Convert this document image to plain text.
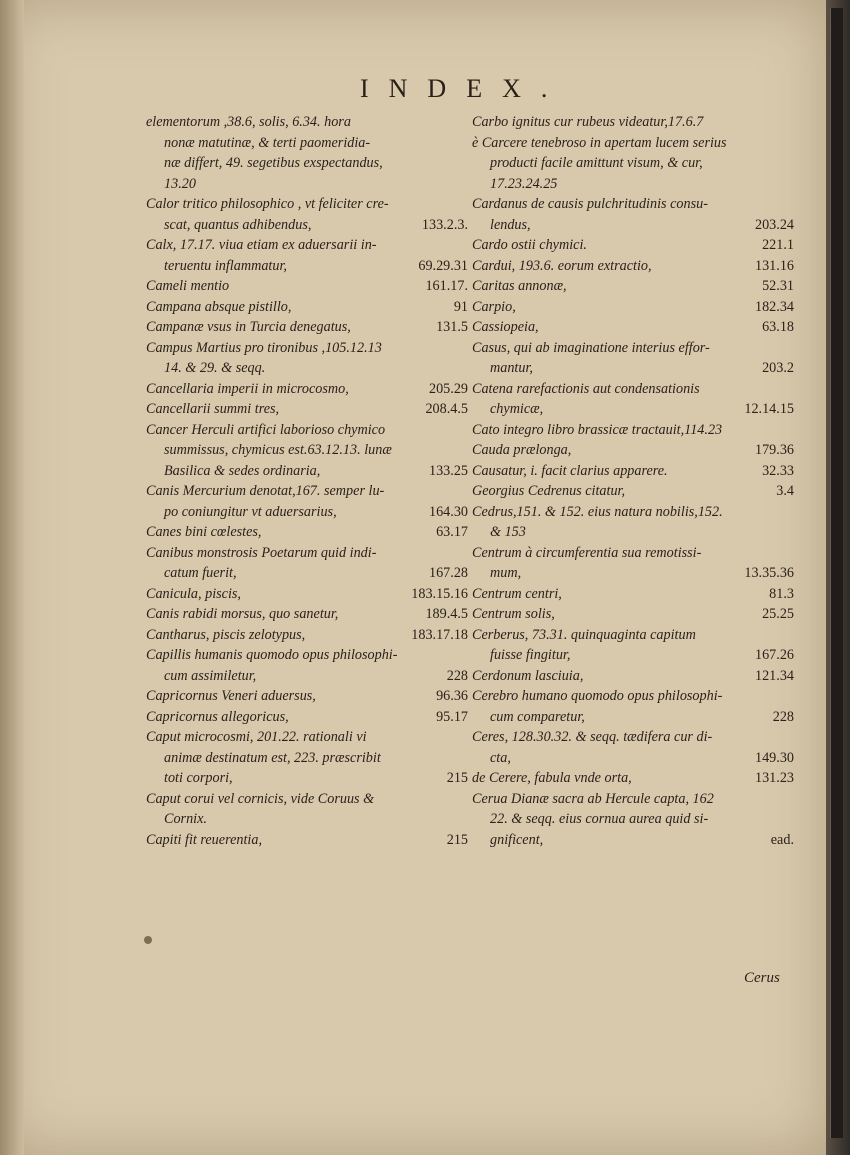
INDEX.
elementorum ,38.6, solis, 6.34. hora
nonæ matutinæ, & terti paomeridia-
næ differt, 49. segetibus exspectandus,
13.20
Calor tritico philosophico , vt feliciter cre-
scat, quantus adhibendus,	133.2.3.
Calx, 17.17. viua etiam ex aduersarii in-
teruentu inflammatur,	69.29.31
Cameli mentio	161.17.
Campana absque pistillo,	91
Campanæ vsus in Turcia denegatus,	131.5
Campus Martius pro tironibus ,105.12.13
14. & 29. & seqq.
Cancellaria imperii in microcosmo,	205.29
Cancellarii summi tres,	208.4.5
Cancer Herculi artifici laborioso chymico
summissus, chymicus est.63.12.13. lunæ
Basilica & sedes ordinaria,	133.25
Canis Mercurium denotat,167. semper lu-
po coniungitur vt aduersarius,	164.30
Canes bini cœlestes,	63.17
Canibus monstrosis Poetarum quid indi-
catum fuerit,	167.28
Canicula, piscis,	183.15.16
Canis rabidi morsus, quo sanetur,	189.4.5
Cantharus, piscis zelotypus,	183.17.18
Capillis humanis quomodo opus philosophi-
cum assimiletur,	228
Capricornus Veneri aduersus,	96.36
Capricornus allegoricus,	95.17
Caput microcosmi, 201.22. rationali vi
animæ destinatum est, 223. præscribit
toti corpori,	215
Caput corui vel cornicis, vide Coruus &
Cornix.
Capiti fit reuerentia,	215
Carbo ignitus cur rubeus videatur,17.6.7
è Carcere tenebroso in apertam lucem serius
producti facile amittunt visum, & cur,
17.23.24.25
Cardanus de causis pulchritudinis consu-
lendus,	203.24
Cardo ostii chymici.	221.1
Cardui, 193.6. eorum extractio,	131.16
Caritas annonæ,	52.31
Carpio,	182.34
Cassiopeia,	63.18
Casus, qui ab imaginatione interius effor-
mantur,	203.2
Catena rarefactionis aut condensationis
chymicæ,	12.14.15
Cato integro libro brassicæ tractauit,114.23
Cauda prælonga,	179.36
Causatur, i. facit clarius apparere.	32.33
Georgius Cedrenus citatur,	3.4
Cedrus,151. & 152. eius natura nobilis,152.
& 153
Centrum à circumferentia sua remotissi-
mum,	13.35.36
Centrum centri,	81.3
Centrum solis,	25.25
Cerberus, 73.31. quinquaginta capitum
fuisse fingitur,	167.26
Cerdonum lasciuia,	121.34
Cerebro humano quomodo opus philosophi-
cum comparetur,	228
Ceres, 128.30.32. & seqq. tædifera cur di-
cta,	149.30
de Cerere, fabula vnde orta,	131.23
Cerua Dianæ sacra ab Hercule capta, 162
22. & seqq. eius cornua aurea quid si-
gnificent,	ead.
Cerus
